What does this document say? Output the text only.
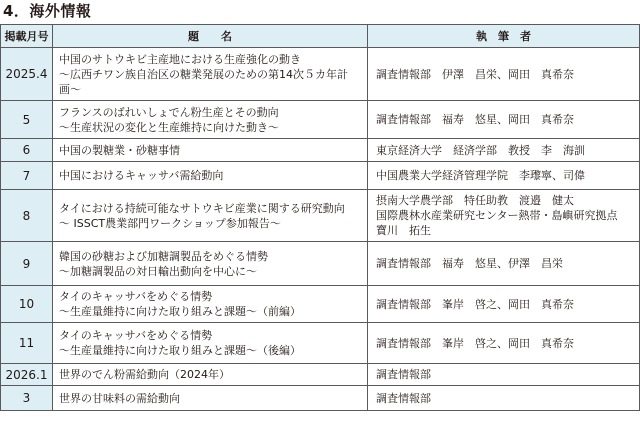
4．海外情報
掲載月号	題　　名	執　筆　者
2025.4	中国のサトウキビ主産地における生産強化の動き
～広西チワン族自治区の糖業発展のための第14次５カ年計
画～	調査情報部　伊澤　昌栄、岡田　真希奈
5	フランスのばれいしょでん粉生産とその動向
～生産状況の変化と生産維持に向けた動き～	調査情報部　福寿　悠星、岡田　真希奈
6	中国の製糖業・砂糖事情	東京経済大学　経済学部　教授　李　海訓
7	中国におけるキャッサバ需給動向	中国農業大学経済管理学院　李瓈寧、司偉
8	タイにおける持続可能なサトウキビ産業に関する研究動向
～ ISSCT農業部門ワークショップ参加報告～	摂南大学農学部　特任助教　渡邉　健太
国際農林水産業研究センター熱帯・島嶼研究拠点
寶川　拓生

9	韓国の砂糖および加糖調製品をめぐる情勢
～加糖調製品の対日輸出動向を中心に～	調査情報部　福寿　悠星、伊澤　昌栄
10	タイのキャッサバをめぐる情勢
～生産量維持に向けた取り組みと課題～（前編）	調査情報部　峯岸　啓之、岡田　真希奈
11	タイのキャッサバをめぐる情勢
～生産量維持に向けた取り組みと課題～（後編）	調査情報部　峯岸　啓之、岡田　真希奈
2026.1	世界のでん粉需給動向（2024年）	調査情報部
3	世界の甘味料の需給動向	調査情報部
